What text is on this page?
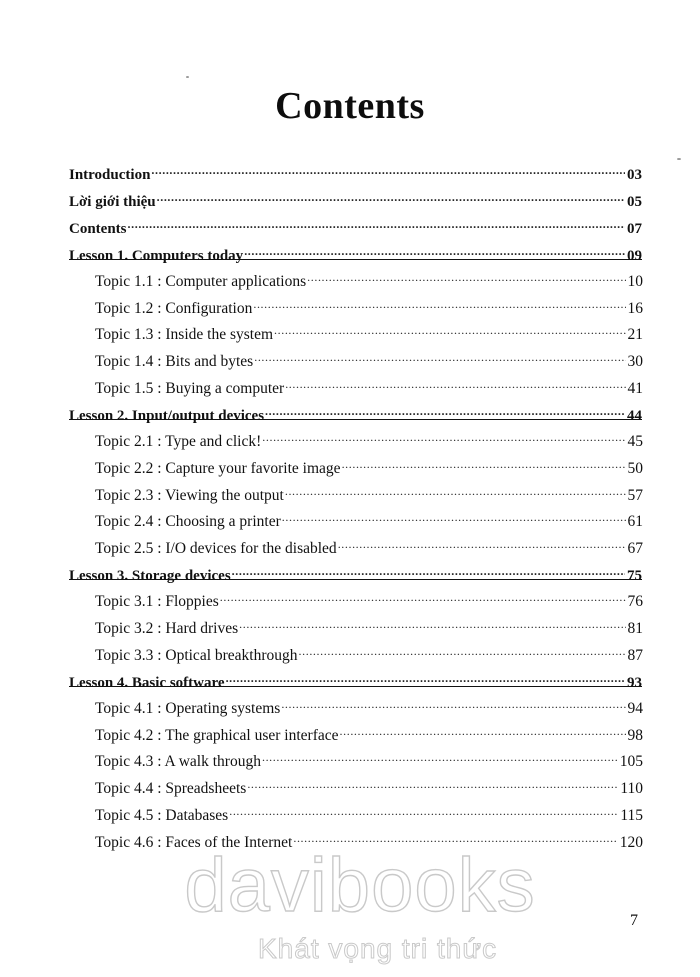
Contents
Introduction .....	03
Lời giới thiệu .....	05
Contents .....	07
Lesson 1. Computers today .....	09
Topic 1.1 : Computer applications .....	10
Topic 1.2 : Configuration .....	16
Topic 1.3 : Inside the system .....	21
Topic 1.4 : Bits and bytes .....	30
Topic 1.5 : Buying a computer .....	41
Lesson 2. Input/output devices .....	44
Topic 2.1 : Type and click! .....	45
Topic 2.2 : Capture your favorite image .....	50
Topic 2.3 : Viewing the output .....	57
Topic 2.4 : Choosing a printer .....	61
Topic 2.5 : I/O devices for the disabled .....	67
Lesson 3. Storage devices .....	75
Topic 3.1 : Floppies .....	76
Topic 3.2 : Hard drives .....	81
Topic 3.3 : Optical breakthrough .....	87
Lesson 4. Basic software .....	93
Topic 4.1 : Operating systems .....	94
Topic 4.2 : The graphical user interface .....	98
Topic 4.3 : A walk through .....	105
Topic 4.4 : Spreadsheets .....	110
Topic 4.5 : Databases .....	115
Topic 4.6 : Faces of the Internet .....	120
davibooks
Khát vọng tri thức
7
